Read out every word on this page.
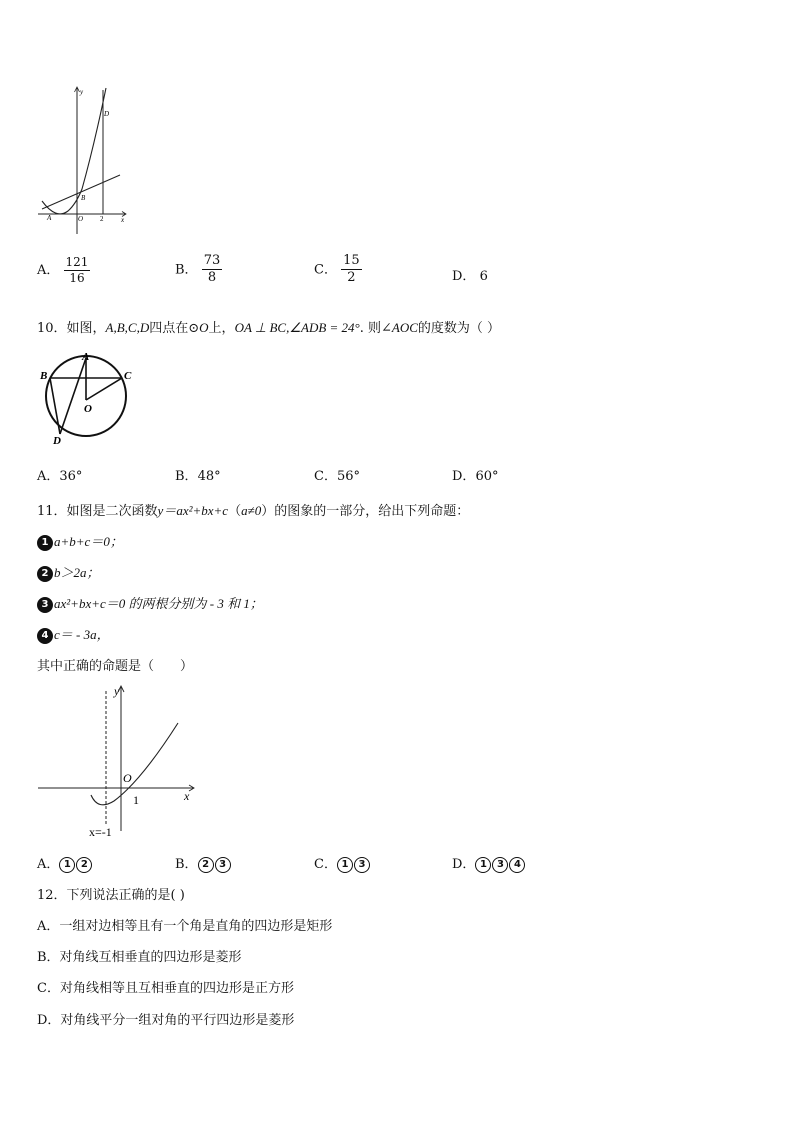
y
D
B
A	O 2	x
A． $\frac{121}{16}$	B． $\frac{73}{8}$	C． $\frac{15}{2}$	D． 6
10．如图，A,B,C,D四点在⊙O上，OA ⊥ BC,∠ADB = 24°. 则∠AOC的度数为（ ）
A
B	C
O
D
A．36°	B．48°	C．56°	D．60°
11．如图是二次函数y＝ax²+bx+c（a≠0）的图象的一部分，给出下列命题：
1 a+b+c＝0；
2 b＞2a；
3 ax²+bx+c＝0 的两根分别为 - 3 和 1；
4 c＝ - 3a，
其中正确的命题是（　　）
y
O
1	x
x=-1
A． 1 2	B． 2 3	C． 1 3	D． 1 3 4
12．下列说法正确的是( )
A．一组对边相等且有一个角是直角的四边形是矩形
B．对角线互相垂直的四边形是菱形
C．对角线相等且互相垂直的四边形是正方形
D．对角线平分一组对角的平行四边形是菱形
